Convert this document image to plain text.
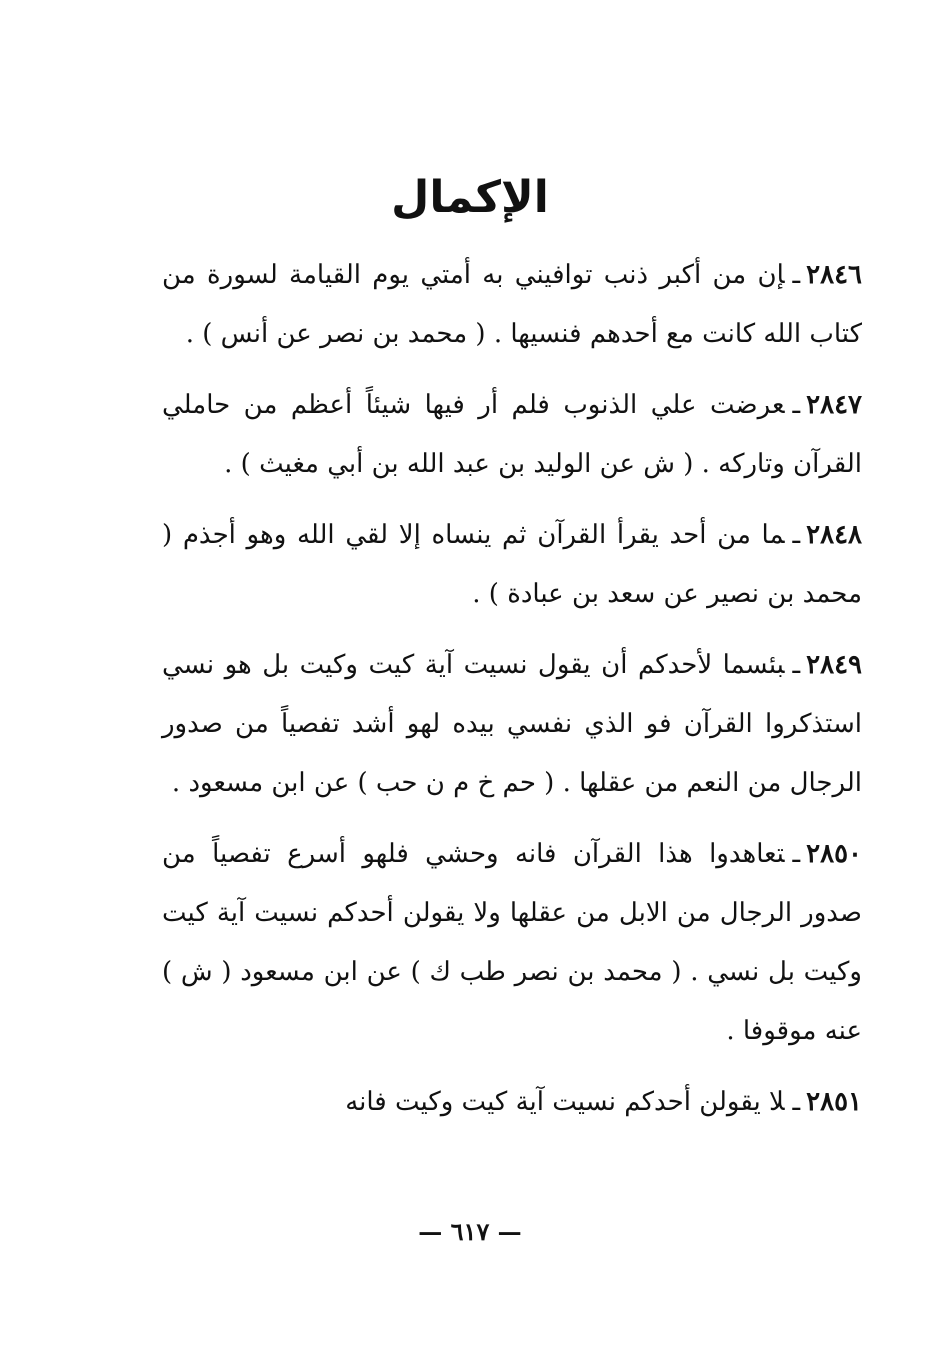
الإكمال

٢٨٤٦ـإن من أكبر ذنب توافيني به أمتي يوم القيامة لسورة من كتاب الله كانت مع أحدهم فنسيها . ( محمد بن نصر عن أنس ) .

٢٨٤٧ـعرضت علي الذنوب فلم أر فيها شيئاً أعظم من حاملي القرآن وتاركه . ( ش عن الوليد بن عبد الله بن أبي مغيث ) .

٢٨٤٨ـما من أحد يقرأ القرآن ثم ينساه إلا لقي الله وهو أجذم ( محمد بن نصير عن سعد بن عبادة ) .

٢٨٤٩ـبئسما لأحدكم أن يقول نسيت آية كيت وكيت بل هو نسي استذكروا القرآن فو الذي نفسي بيده لهو أشد تفصياً من صدور الرجال من النعم من عقلها . ( حم خ م ن حب ) عن ابن مسعود .

٢٨٥٠ـتعاهدوا هذا القرآن فانه وحشي فلهو أسرع تفصياً من صدور الرجال من الابل من عقلها ولا يقولن أحدكم نسيت آية كيت وكيت بل نسي . ( محمد بن نصر طب ك ) عن ابن مسعود ( ش ) عنه موقوفا .

٢٨٥١ـلا يقولن أحدكم نسيت آية كيت وكيت فانه

— ٦١٧ —
